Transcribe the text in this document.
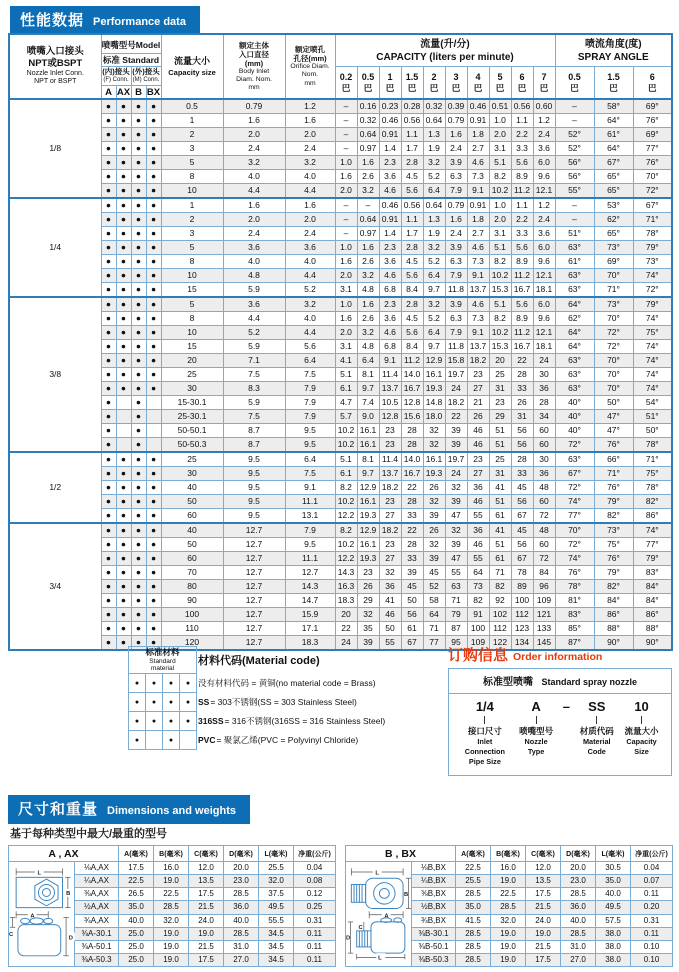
性能数据 Performance data
喷嘴入口接头
NPT或BSPT
Nozzle Inlet Conn.
NPT or BSPT
	喷嘴型号Model	
流量大小
Capacity size

额定主体
入口直径
(mm)
Body Inlet
Diam. Nom.
mm

额定喷孔
孔径(mm)
Orifice Diam.
Nom.
mm

流量(升/分)
CAPACITY (liters per minute)

喷流角度(度)
SPRAY ANGLE

	标准 Standard																			

(内)接头
(F) Conn.

(外)接头
(M) Conn.	0.2
巴

0.5
巴

1
巴

1.5
巴

2
巴

3
巴

4
巴

5
巴

6
巴

7
巴

0.5
巴

1.5
巴

6
巴

	A	AX	B	BX																
1/8	●	●	●	●	0.5	0.79	1.2	–	0.16	0.23	0.28	0.32	0.39	0.46	0.51	0.56	0.60	–	58°	69°
	●	●	●	●	1	1.6	1.6	–	0.32	0.46	0.56	0.64	0.79	0.91	1.0	1.1	1.2	–	64°	76°
	●	●	●	●	2	2.0	2.0	–	0.64	0.91	1.1	1.3	1.6	1.8	2.0	2.2	2.4	52°	61°	69°
	●	●	●	●	3	2.4	2.4	–	0.97	1.4	1.7	1.9	2.4	2.7	3.1	3.3	3.6	52°	64°	77°
	●	●	●	●	5	3.2	3.2	1.0	1.6	2.3	2.8	3.2	3.9	4.6	5.1	5.6	6.0	56°	67°	76°
	●	●	●	●	8	4.0	4.0	1.6	2.6	3.6	4.5	5.2	6.3	7.3	8.2	8.9	9.6	56°	65°	70°
	●	●	●	●	10	4.4	4.4	2.0	3.2	4.6	5.6	6.4	7.9	9.1	10.2	11.2	12.1	55°	65°	72°
1/4	●	●	●	●	1	1.6	1.6	–	–	0.46	0.56	0.64	0.79	0.91	1.0	1.1	1.2	–	53°	67°
	●	●	●	●	2	2.0	2.0	–	0.64	0.91	1.1	1.3	1.6	1.8	2.0	2.2	2.4	–	62°	71°
	●	●	●	●	3	2.4	2.4	–	0.97	1.4	1.7	1.9	2.4	2.7	3.1	3.3	3.6	51°	65°	78°
	●	●	●	●	5	3.6	3.6	1.0	1.6	2.3	2.8	3.2	3.9	4.6	5.1	5.6	6.0	63°	73°	79°
	●	●	●	●	8	4.0	4.0	1.6	2.6	3.6	4.5	5.2	6.3	7.3	8.2	8.9	9.6	61°	69°	73°
	●	●	●	●	10	4.8	4.4	2.0	3.2	4.6	5.6	6.4	7.9	9.1	10.2	11.2	12.1	63°	70°	74°
	●	●	●	●	15	5.9	5.2	3.1	4.8	6.8	8.4	9.7	11.8	13.7	15.3	16.7	18.1	63°	71°	72°
3/8	●	●	●	●	5	3.6	3.2	1.0	1.6	2.3	2.8	3.2	3.9	4.6	5.1	5.6	6.0	64°	73°	79°
	●	●	●	●	8	4.4	4.0	1.6	2.6	3.6	4.5	5.2	6.3	7.3	8.2	8.9	9.6	62°	70°	74°
	●	●	●	●	10	5.2	4.4	2.0	3.2	4.6	5.6	6.4	7.9	9.1	10.2	11.2	12.1	64°	72°	75°
	●	●	●	●	15	5.9	5.6	3.1	4.8	6.8	8.4	9.7	11.8	13.7	15.3	16.7	18.1	64°	72°	74°
	●	●	●	●	20	7.1	6.4	4.1	6.4	9.1	11.2	12.9	15.8	18.2	20	22	24	63°	70°	74°
	●	●	●	●	25	7.5	7.5	5.1	8.1	11.4	14.0	16.1	19.7	23	25	28	30	63°	70°	74°
	●	●	●	●	30	8.3	7.9	6.1	9.7	13.7	16.7	19.3	24	27	31	33	36	63°	70°	74°
	●		●		15-30.1	5.9	7.9	4.7	7.4	10.5	12.8	14.8	18.2	21	23	26	28	40°	50°	54°
	●		●		25-30.1	7.5	7.9	5.7	9.0	12.8	15.6	18.0	22	26	29	31	34	40°	47°	51°
	●		●		50-50.1	8.7	9.5	10.2	16.1	23	28	32	39	46	51	56	60	40°	47°	50°
	●		●		50-50.3	8.7	9.5	10.2	16.1	23	28	32	39	46	51	56	60	72°	76°	78°
1/2	●	●	●	●	25	9.5	6.4	5.1	8.1	11.4	14.0	16.1	19.7	23	25	28	30	63°	66°	71°
	●	●	●	●	30	9.5	7.5	6.1	9.7	13.7	16.7	19.3	24	27	31	33	36	67°	71°	75°
	●	●	●	●	40	9.5	9.1	8.2	12.9	18.2	22	26	32	36	41	45	48	72°	76°	78°
	●	●	●	●	50	9.5	11.1	10.2	16.1	23	28	32	39	46	51	56	60	74°	79°	82°
	●	●	●	●	60	9.5	13.1	12.2	19.3	27	33	39	47	55	61	67	72	77°	82°	86°
3/4	●	●	●	●	40	12.7	7.9	8.2	12.9	18.2	22	26	32	36	41	45	48	70°	73°	74°
	●	●	●	●	50	12.7	9.5	10.2	16.1	23	28	32	39	46	51	56	60	72°	75°	77°
	●	●	●	●	60	12.7	11.1	12.2	19.3	27	33	39	47	55	61	67	72	74°	76°	79°
	●	●	●	●	70	12.7	12.7	14.3	23	32	39	45	55	64	71	78	84	76°	79°	83°
	●	●	●	●	80	12.7	14.3	16.3	26	36	45	52	63	73	82	89	96	78°	82°	84°
	●	●	●	●	90	12.7	14.7	18.3	29	41	50	58	71	82	92	100	109	81°	84°	84°
	●	●	●	●	100	12.7	15.9	20	32	46	56	64	79	91	102	112	121	83°	86°	86°
	●	●	●	●	110	12.7	17.1	22	35	50	61	71	87	100	112	123	133	85°	88°	88°
	●	●	●	●	120	12.7	18.3	24	39	55	67	77	95	109	122	134	145	87°	90°	90°
标准材料
Standard
material			

●	●	●	●
●	●	●	●
●	●	●	●
●		●	
材料代码(Material code)
没有材料代码 = 黄铜(no material code = Brass)
SS = 303不锈钢(SS = 303 Stainless Steel)
316SS = 316不锈钢(316SS = 316 Stainless Steel)
PVC = 聚氯乙烯(PVC = Polyvinyl Chloride)
订购信息 Order information
标准型喷嘴 Standard spray nozzle
1/4
接口尺寸
Inlet
Connection
Pipe Size
A
喷嘴型号
Nozzle
Type
–	SS
材质代码
Material
Code
10
流量大小
Capacity
Size
尺寸和重量 Dimensions and weights
基于每种类型中最大/最重的型号
A , AX		A(毫米)	B(毫米)	C(毫米)	D(毫米)	L(毫米)	净重(公斤)

L
B
A
C
D	⅛A,AX	17.5	16.0	12.0	20.0	25.5	0.04
	¼A,AX	22.5	19.0	13.5	23.0	32.0	0.08
	⅜A,AX	26.5	22.5	17.5	28.5	37.5	0.12
	½A,AX	35.0	28.5	21.5	36.0	49.5	0.25
	¾A,AX	40.0	32.0	24.0	40.0	55.5	0.31
	⅜A-30.1	25.0	19.0	19.0	28.5	34.5	0.11
	⅜A-50.1	25.0	19.0	21.5	31.0	34.5	0.11
	⅜A-50.3	25.0	19.0	17.5	27.0	34.5	0.11
B , BX		A(毫米)	B(毫米)	C(毫米)	D(毫米)	L(毫米)	净重(公斤)

L
B
A
D
C
L
	⅛B,BX	22.5	16.0	12.0	20.0	30.5	0.04
	¼B,BX	25.5	19.0	13.5	23.0	35.0	0.07
	⅜B,BX	28.5	22.5	17.5	28.5	40.0	0.11
	½B,BX	35.0	28.5	21.5	36.0	49.5	0.20
	¾B,BX	41.5	32.0	24.0	40.0	57.5	0.31
	⅜B-30.1	28.5	19.0	19.0	28.5	38.0	0.11
	⅜B-50.1	28.5	19.0	21.5	31.0	38.0	0.10
	⅜B-50.3	28.5	19.0	17.5	27.0	38.0	0.10
